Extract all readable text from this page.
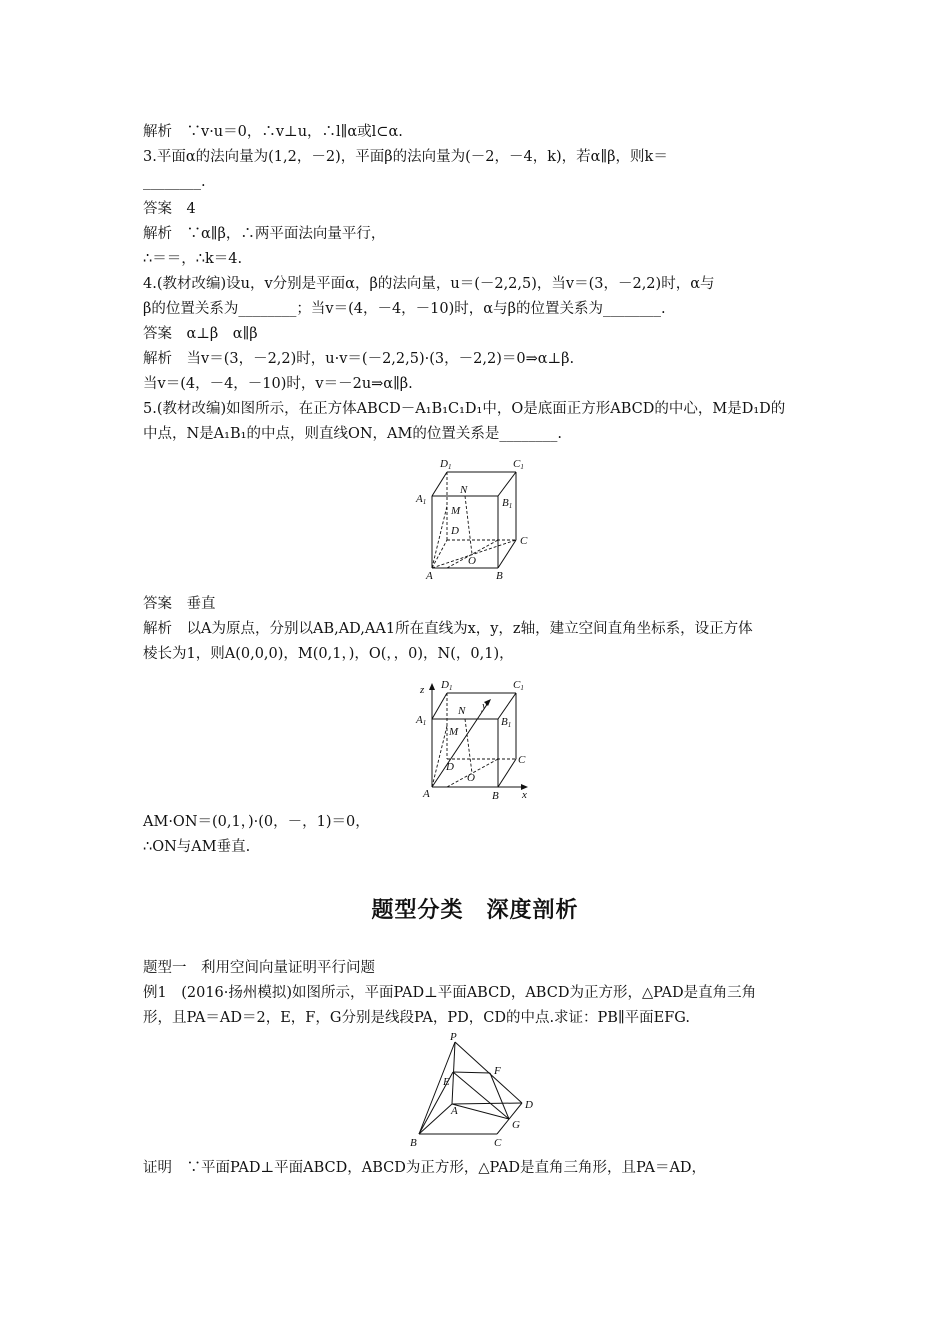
解析　∵v·u＝0，∴v⊥u，∴l∥α或l⊂α.
3.平面α的法向量为(1,2，－2)，平面β的法向量为(－2，－4，k)，若α∥β，则k＝
________.
答案　4
解析　∵α∥β，∴两平面法向量平行，
∴＝＝，∴k＝4.
4.(教材改编)设u，v分别是平面α，β的法向量，u＝(－2,2,5)，当v＝(3，－2,2)时，α与
β的位置关系为________；当v＝(4，－4，－10)时，α与β的位置关系为________.
答案　α⊥β　α∥β
解析　当v＝(3，－2,2)时，u·v＝(－2,2,5)·(3，－2,2)＝0⇒α⊥β.
当v＝(4，－4，－10)时，v＝－2u⇒α∥β.
5.(教材改编)如图所示，在正方体ABCD－A₁B₁C₁D₁中，O是底面正方形ABCD的中心，M是D₁D的
中点，N是A₁B₁的中点，则直线ON，AM的位置关系是________.
D1	C1
A1	B1
N
M
D
C
O
A	B
答案　垂直
解析　以A为原点，分别以AB,AD,AA1所在直线为x，y，z轴，建立空间直角坐标系，设正方体
棱长为1，则A(0,0,0)，M(0,1，)，O(，，0)，N(，0,1)，
z
y
x
D1	C1
A1	B1
N
M
D
C
O
A	B
AM·ON＝(0,1，)·(0，－，1)＝0，
∴ON与AM垂直.
题型分类　深度剖析
题型一　利用空间向量证明平行问题
例1　(2016·扬州模拟)如图所示，平面PAD⊥平面ABCD，ABCD为正方形，△PAD是直角三角
形，且PA＝AD＝2，E，F，G分别是线段PA，PD，CD的中点.求证：PB∥平面EFG.
P
F
E
A	D
G
B	C
证明　∵平面PAD⊥平面ABCD，ABCD为正方形，△PAD是直角三角形，且PA＝AD，
